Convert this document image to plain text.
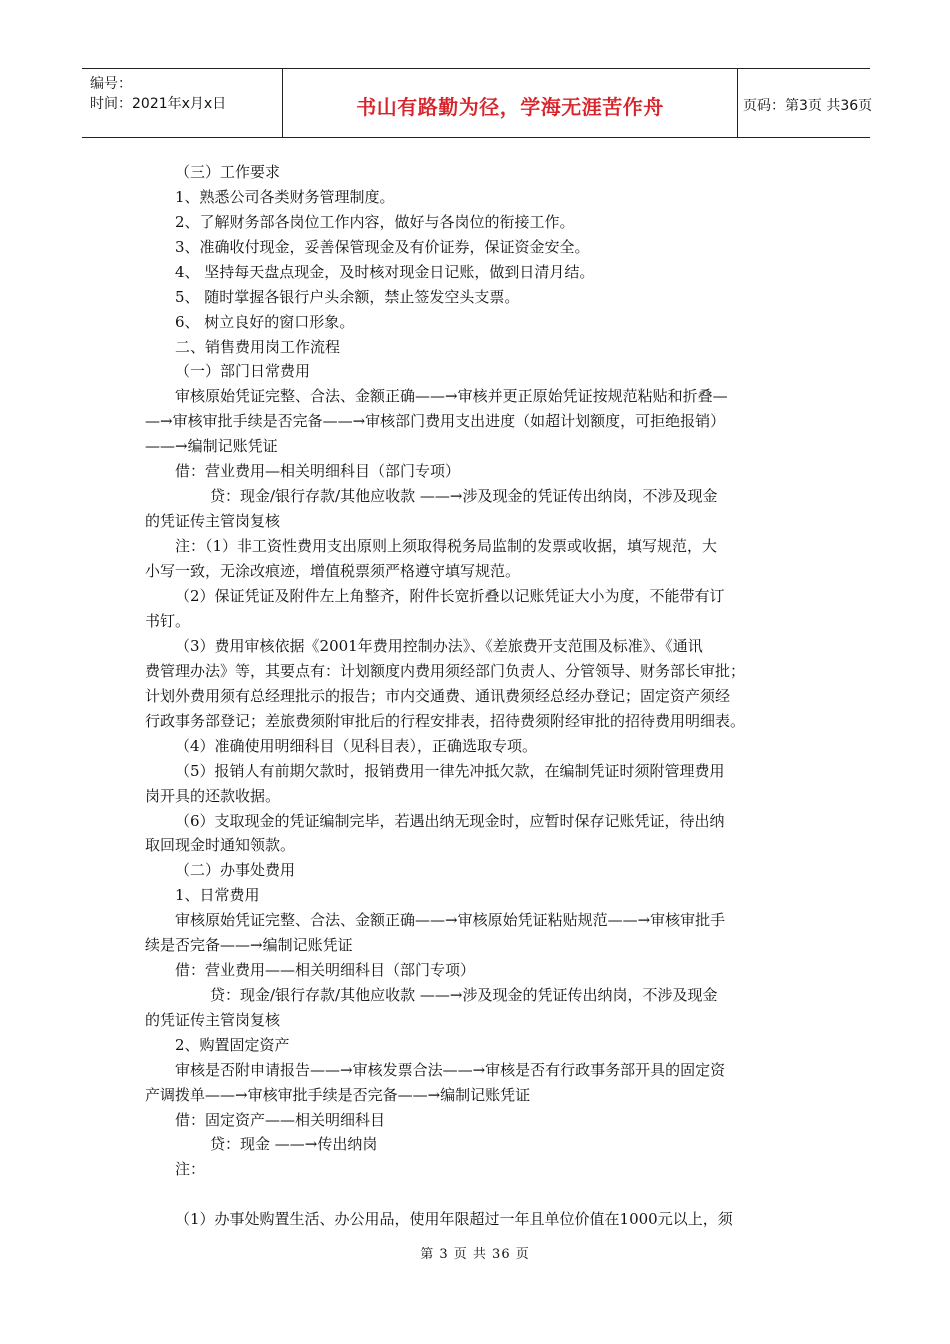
编号：
时间：2021年x月x日	书山有路勤为径，学海无涯苦作舟	页码：第3页 共36页
（三）工作要求
1、熟悉公司各类财务管理制度。
2、了解财务部各岗位工作内容，做好与各岗位的衔接工作。
3、准确收付现金，妥善保管现金及有价证券，保证资金安全。
4、 坚持每天盘点现金，及时核对现金日记账，做到日清月结。
5、 随时掌握各银行户头余额，禁止签发空头支票。
6、 树立良好的窗口形象。
二、销售费用岗工作流程
（一）部门日常费用
审核原始凭证完整、合法、金额正确——→审核并更正原始凭证按规范粘贴和折叠—
—→审核审批手续是否完备——→审核部门费用支出进度（如超计划额度，可拒绝报销）
——→编制记账凭证
借：营业费用—相关明细科目（部门专项）
贷：现金/银行存款/其他应收款 ——→涉及现金的凭证传出纳岗，不涉及现金
的凭证传主管岗复核
注：（1）非工资性费用支出原则上须取得税务局监制的发票或收据，填写规范，大
小写一致，无涂改痕迹，增值税票须严格遵守填写规范。
（2）保证凭证及附件左上角整齐，附件长宽折叠以记账凭证大小为度，不能带有订
书钉。
（3）费用审核依据《2001年费用控制办法》、《差旅费开支范围及标准》、《通讯
费管理办法》等，其要点有：计划额度内费用须经部门负责人、分管领导、财务部长审批；
计划外费用须有总经理批示的报告；市内交通费、通讯费须经总经办登记；固定资产须经
行政事务部登记；差旅费须附审批后的行程安排表，招待费须附经审批的招待费用明细表。
（4）准确使用明细科目（见科目表），正确选取专项。
（5）报销人有前期欠款时，报销费用一律先冲抵欠款，在编制凭证时须附管理费用
岗开具的还款收据。
（6）支取现金的凭证编制完毕，若遇出纳无现金时，应暂时保存记账凭证，待出纳
取回现金时通知领款。
（二）办事处费用
1、日常费用
审核原始凭证完整、合法、金额正确——→审核原始凭证粘贴规范——→审核审批手
续是否完备——→编制记账凭证
借：营业费用——相关明细科目（部门专项）
贷：现金/银行存款/其他应收款 ——→涉及现金的凭证传出纳岗，不涉及现金
的凭证传主管岗复核
2、购置固定资产
审核是否附申请报告——→审核发票合法——→审核是否有行政事务部开具的固定资
产调拨单——→审核审批手续是否完备——→编制记账凭证
借：固定资产——相关明细科目
贷：现金 ——→传出纳岗
注：
（1）办事处购置生活、办公用品，使用年限超过一年且单位价值在1000元以上，须
第 3 页 共 36 页
